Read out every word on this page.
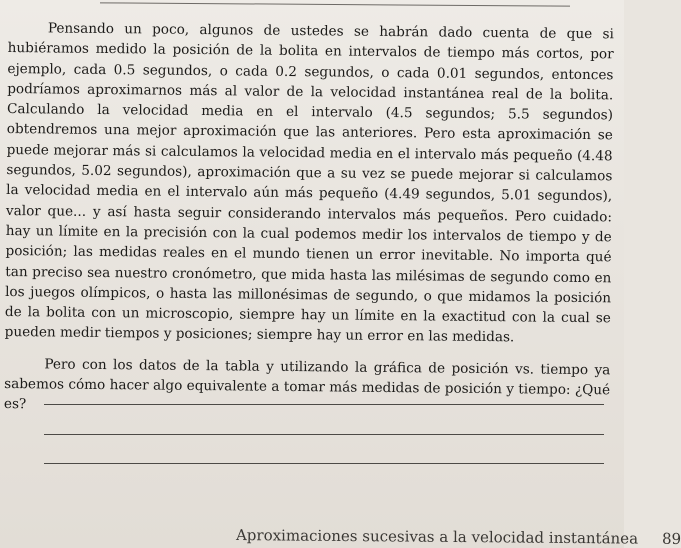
Pensando un poco, algunos de ustedes se habrán dado cuenta de que si hubiéramos medido la posición de la bolita en intervalos de tiempo más cortos, por ejemplo, cada 0.5 segundos, o cada 0.2 segundos, o cada 0.01 segundos, entonces podríamos aproximarnos más al valor de la velocidad instantánea real de la bolita. Calculando la velocidad media en el intervalo (4.5 segundos; 5.5 segundos) obtendremos una mejor aproximación que las anteriores. Pero esta aproximación se puede mejorar más si calculamos la velocidad media en el intervalo más pequeño (4.48 segundos, 5.02 segundos), aproximación que a su vez se puede mejorar si calculamos la velocidad media en el intervalo aún más pequeño (4.49 segundos, 5.01 segundos), valor que... y así hasta seguir considerando intervalos más pequeños. Pero cuidado: hay un límite en la precisión con la cual podemos medir los intervalos de tiempo y de posición; las medidas reales en el mundo tienen un error inevitable. No importa qué tan preciso sea nuestro cronómetro, que mida hasta las milésimas de segundo como en los juegos olímpicos, o hasta las millonésimas de segundo, o que midamos la posición de la bolita con un microscopio, siempre hay un límite en la exactitud con la cual se pueden medir tiempos y posiciones; siempre hay un error en las medidas.

Pero con los datos de la tabla y utilizando la gráfica de posición vs. tiempo ya sabemos cómo hacer algo equivalente a tomar más medidas de posición y tiempo: ¿Qué es?

Aproximaciones sucesivas a la velocidad instantánea 89
